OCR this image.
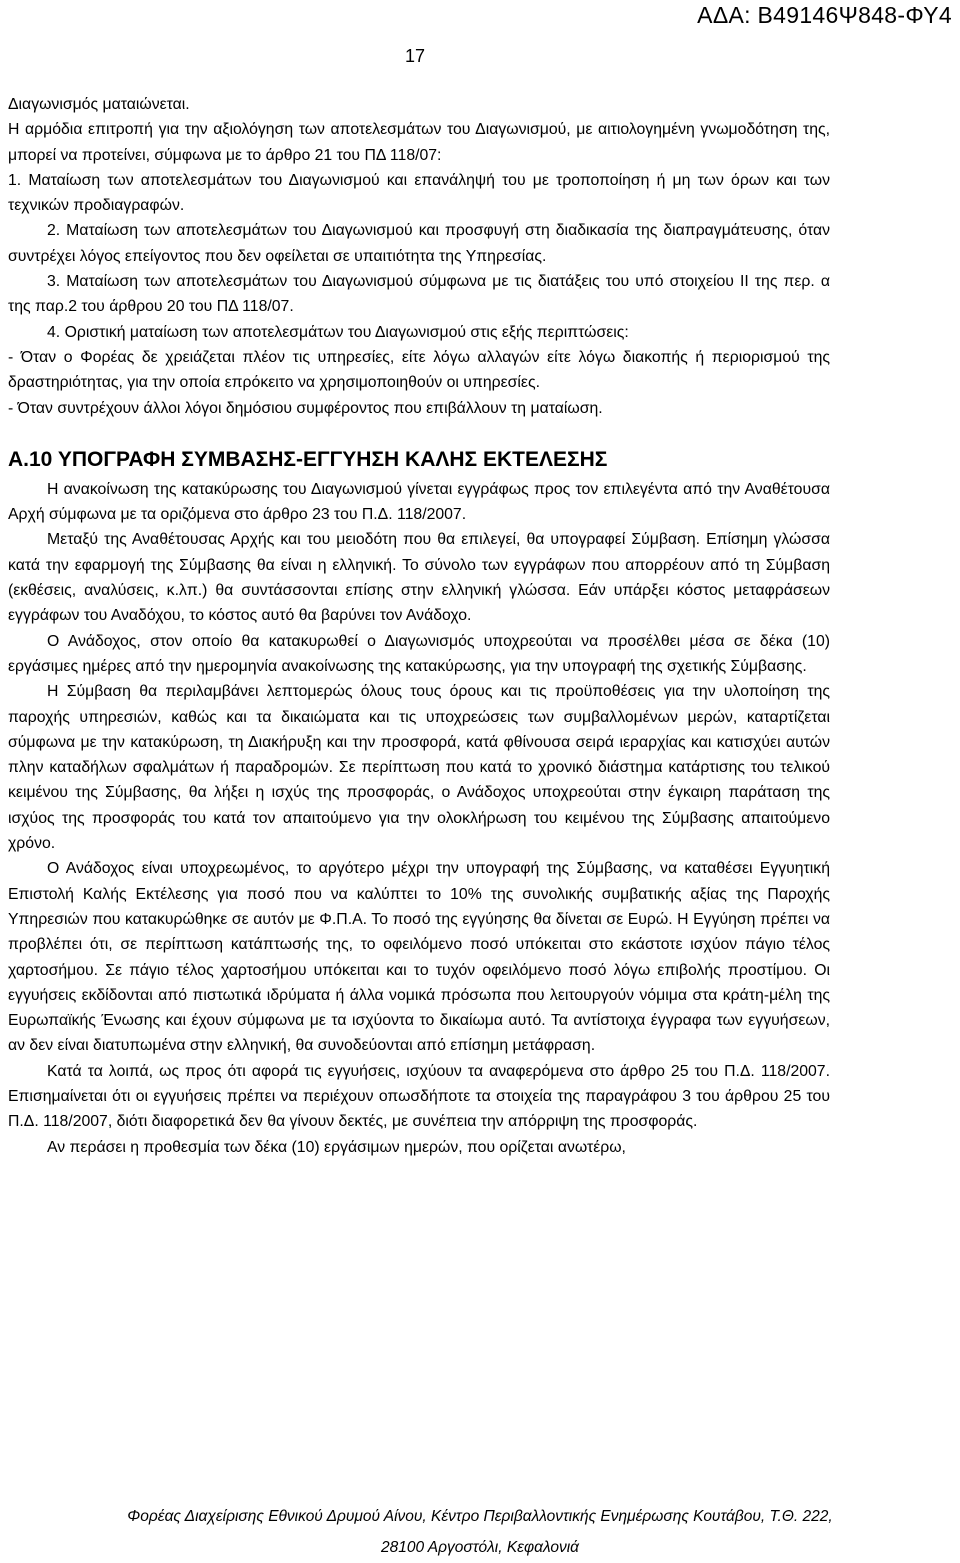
ΑΔΑ: Β49146Ψ848-ΦΥ4
17

Διαγωνισμός ματαιώνεται.

Η αρμόδια επιτροπή για την αξιολόγηση των αποτελεσμάτων του Διαγωνισμού, με αιτιολογημένη γνωμοδότηση της, μπορεί να προτείνει, σύμφωνα με το άρθρο 21 του ΠΔ 118/07:

1. Ματαίωση των αποτελεσμάτων του Διαγωνισμού και επανάληψή του με τροποποίηση ή μη των όρων και των τεχνικών προδιαγραφών.

2. Ματαίωση των αποτελεσμάτων του Διαγωνισμού και προσφυγή στη διαδικασία της διαπραγμάτευσης, όταν συντρέχει λόγος επείγοντος που δεν οφείλεται σε υπαιτιότητα της Υπηρεσίας.

3. Ματαίωση των αποτελεσμάτων του Διαγωνισμού σύμφωνα με τις διατάξεις του υπό στοιχείου ΙΙ της περ. α της παρ.2 του άρθρου 20 του ΠΔ 118/07.

4. Οριστική ματαίωση των αποτελεσμάτων του Διαγωνισμού στις εξής περιπτώσεις:

- Όταν ο Φορέας δε χρειάζεται πλέον τις υπηρεσίες, είτε λόγω αλλαγών είτε λόγω διακοπής ή περιορισμού της δραστηριότητας, για την οποία επρόκειτο να χρησιμοποιηθούν οι υπηρεσίες.

- Όταν συντρέχουν άλλοι λόγοι δημόσιου συμφέροντος που επιβάλλουν τη ματαίωση.

Α.10 ΥΠΟΓΡΑΦΗ ΣΥΜΒΑΣΗΣ-ΕΓΓΥΗΣΗ ΚΑΛΗΣ ΕΚΤΕΛΕΣΗΣ

Η ανακοίνωση της κατακύρωσης του Διαγωνισμού γίνεται εγγράφως προς τον επιλεγέντα από την Αναθέτουσα Αρχή σύμφωνα με τα οριζόμενα στο άρθρο 23 του Π.Δ. 118/2007.

Μεταξύ της Αναθέτουσας Αρχής και του μειοδότη που θα επιλεγεί, θα υπογραφεί Σύμβαση. Επίσημη γλώσσα κατά την εφαρμογή της Σύμβασης θα είναι η ελληνική. Το σύνολο των εγγράφων που απορρέουν από τη Σύμβαση (εκθέσεις, αναλύσεις, κ.λπ.) θα συντάσσονται επίσης στην ελληνική γλώσσα. Εάν υπάρξει κόστος μεταφράσεων εγγράφων του Αναδόχου, το κόστος αυτό θα βαρύνει τον Ανάδοχο.

Ο Ανάδοχος, στον οποίο θα κατακυρωθεί ο Διαγωνισμός υποχρεούται να προσέλθει μέσα σε δέκα (10) εργάσιμες ημέρες από την ημερομηνία ανακοίνωσης της κατακύρωσης, για την υπογραφή της σχετικής Σύμβασης.

Η Σύμβαση θα περιλαμβάνει λεπτομερώς όλους τους όρους και τις προϋποθέσεις για την υλοποίηση της παροχής υπηρεσιών, καθώς και τα δικαιώματα και τις υποχρεώσεις των συμβαλλομένων μερών, καταρτίζεται σύμφωνα με την κατακύρωση, τη Διακήρυξη και την προσφορά, κατά φθίνουσα σειρά ιεραρχίας και κατισχύει αυτών πλην καταδήλων σφαλμάτων ή παραδρομών. Σε περίπτωση που κατά το χρονικό διάστημα κατάρτισης του τελικού κειμένου της Σύμβασης, θα λήξει η ισχύς της προσφοράς, ο Ανάδοχος υποχρεούται στην έγκαιρη παράταση της ισχύος της προσφοράς του κατά τον απαιτούμενο για την ολοκλήρωση του κειμένου της Σύμβασης απαιτούμενο χρόνο.

Ο Ανάδοχος είναι υποχρεωμένος, το αργότερο μέχρι την υπογραφή της Σύμβασης, να καταθέσει Εγγυητική Επιστολή Καλής Εκτέλεσης για ποσό που να καλύπτει το 10% της συνολικής συμβατικής αξίας της Παροχής Υπηρεσιών που κατακυρώθηκε σε αυτόν με Φ.Π.Α. Το ποσό της εγγύησης θα δίνεται σε Ευρώ. Η Εγγύηση πρέπει να προβλέπει ότι, σε περίπτωση κατάπτωσής της, το οφειλόμενο ποσό υπόκειται στο εκάστοτε ισχύον πάγιο τέλος χαρτοσήμου. Σε πάγιο τέλος χαρτοσήμου υπόκειται και το τυχόν οφειλόμενο ποσό λόγω επιβολής προστίμου. Οι εγγυήσεις εκδίδονται από πιστωτικά ιδρύματα ή άλλα νομικά πρόσωπα που λειτουργούν νόμιμα στα κράτη-μέλη της Ευρωπαϊκής Ένωσης και έχουν σύμφωνα με τα ισχύοντα το δικαίωμα αυτό. Τα αντίστοιχα έγγραφα των εγγυήσεων, αν δεν είναι διατυπωμένα στην ελληνική, θα συνοδεύονται από επίσημη μετάφραση.

Κατά τα λοιπά, ως προς ότι αφορά τις εγγυήσεις, ισχύουν τα αναφερόμενα στο άρθρο 25 του Π.Δ. 118/2007. Επισημαίνεται ότι οι εγγυήσεις πρέπει να περιέχουν οπωσδήποτε τα στοιχεία της παραγράφου 3 του άρθρου 25 του Π.Δ. 118/2007, διότι διαφορετικά δεν θα γίνουν δεκτές, με συνέπεια την απόρριψη της προσφοράς.

Αν περάσει η προθεσμία των δέκα (10) εργάσιμων ημερών, που ορίζεται ανωτέρω,

Φορέας Διαχείρισης Εθνικού Δρυμού Αίνου, Κέντρο Περιβαλλοντικής Ενημέρωσης Κουτάβου, Τ.Θ. 222,
28100 Αργοστόλι, Κεφαλονιά
